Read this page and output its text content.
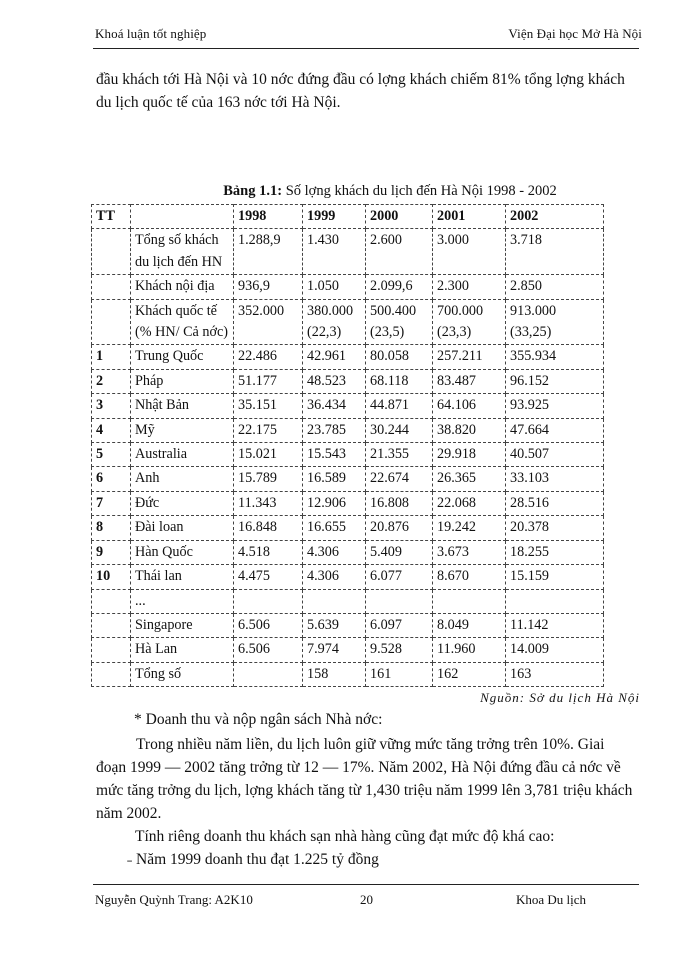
Khoá luận tốt nghiệp	Viện Đại học Mở Hà Nội

đầu khách tới Hà Nội và 10 nớc đứng đầu có lợng khách chiếm 81% tổng lợng khách du lịch quốc tế của 163 nớc tới Hà Nội.

Bảng 1.1: Số lợng khách du lịch đến Hà Nội 1998 - 2002
TT		1998	1999	2000	2001	2002
	Tổng số khách du lịch đến HN	1.288,9	1.430	2.600	3.000	3.718
	Khách nội địa	936,9	1.050	2.099,6	2.300	2.850
	Khách quốc tế (% HN/ Cả nớc)	352.000	380.000 (22,3)	500.400 (23,5)	700.000 (23,3)	913.000 (33,25)
1	Trung Quốc	22.486	42.961	80.058	257.211	355.934
2	Pháp	51.177	48.523	68.118	83.487	96.152
3	Nhật Bản	35.151	36.434	44.871	64.106	93.925
4	Mỹ	22.175	23.785	30.244	38.820	47.664
5	Australia	15.021	15.543	21.355	29.918	40.507
6	Anh	15.789	16.589	22.674	26.365	33.103
7	Đức	11.343	12.906	16.808	22.068	28.516
8	Đài loan	16.848	16.655	20.876	19.242	20.378
9	Hàn Quốc	4.518	4.306	5.409	3.673	18.255
10	Thái lan	4.475	4.306	6.077	8.670	15.159
	...					
	Singapore	6.506	5.639	6.097	8.049	11.142
	Hà Lan	6.506	7.974	9.528	11.960	14.009
	Tổng số		158	161	162	163
Nguồn: Sở du lịch Hà Nội

* Doanh thu và nộp ngân sách Nhà nớc:

Trong nhiều năm liền, du lịch luôn giữ vững mức tăng trởng trên 10%. Giai đoạn 1999 — 2002 tăng trởng từ 12 — 17%. Năm 2002, Hà Nội đứng đầu cả nớc về mức tăng trởng du lịch, lợng khách tăng từ 1,430 triệu năm 1999 lên 3,781 triệu khách năm 2002.

Tính riêng doanh thu khách sạn nhà hàng cũng đạt mức độ khá cao:

˗ Năm 1999 doanh thu đạt 1.225 tỷ đồng

Nguyễn Quỳnh Trang: A2K10	20	Khoa Du lịch
